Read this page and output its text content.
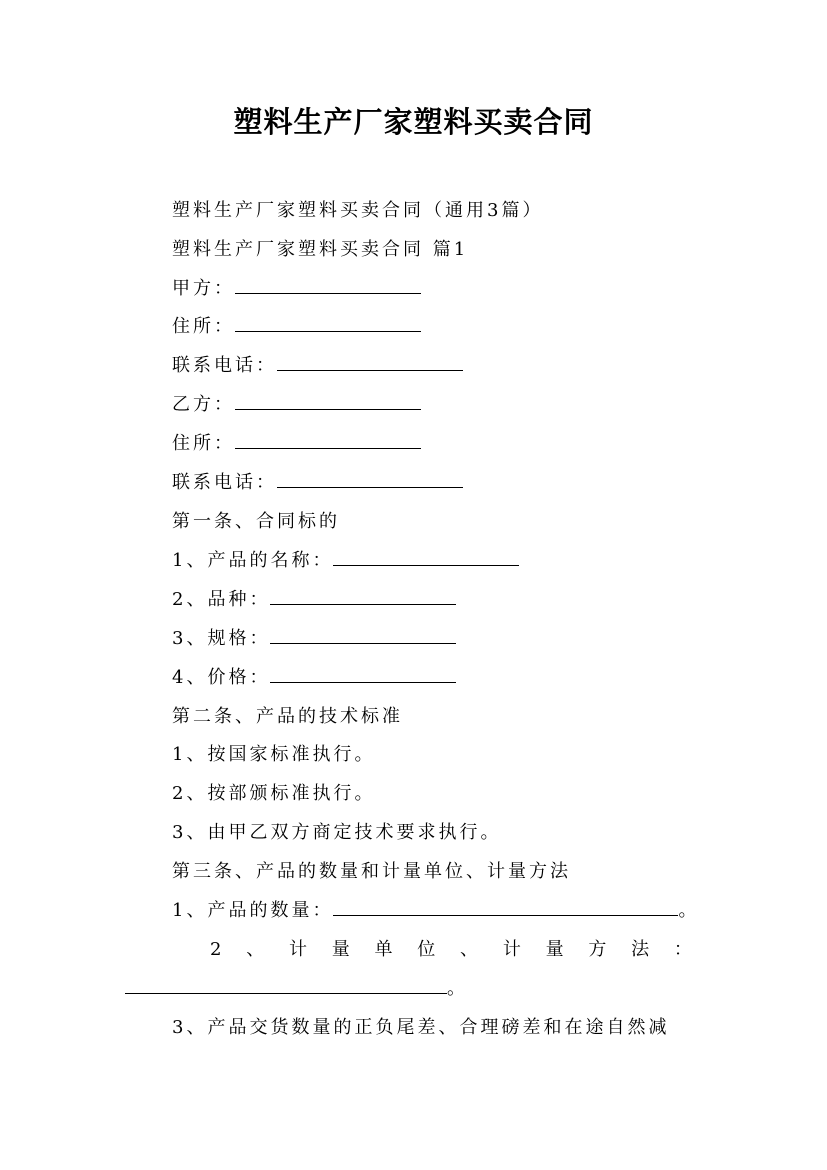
塑料生产厂家塑料买卖合同
塑料生产厂家塑料买卖合同（通用3篇）
塑料生产厂家塑料买卖合同 篇1
甲方：
住所：
联系电话：
乙方：
住所：
联系电话：
第一条、合同标的
1、产品的名称：
2、品种：
3、规格：
4、价格：
第二条、产品的技术标准
1、按国家标准执行。
2、按部颁标准执行。
3、由甲乙双方商定技术要求执行。
第三条、产品的数量和计量单位、计量方法
1、产品的数量：	。
2 、 计 量 单 位 、 计 量 方 法 ：
。
3、产品交货数量的正负尾差、合理磅差和在途自然减
